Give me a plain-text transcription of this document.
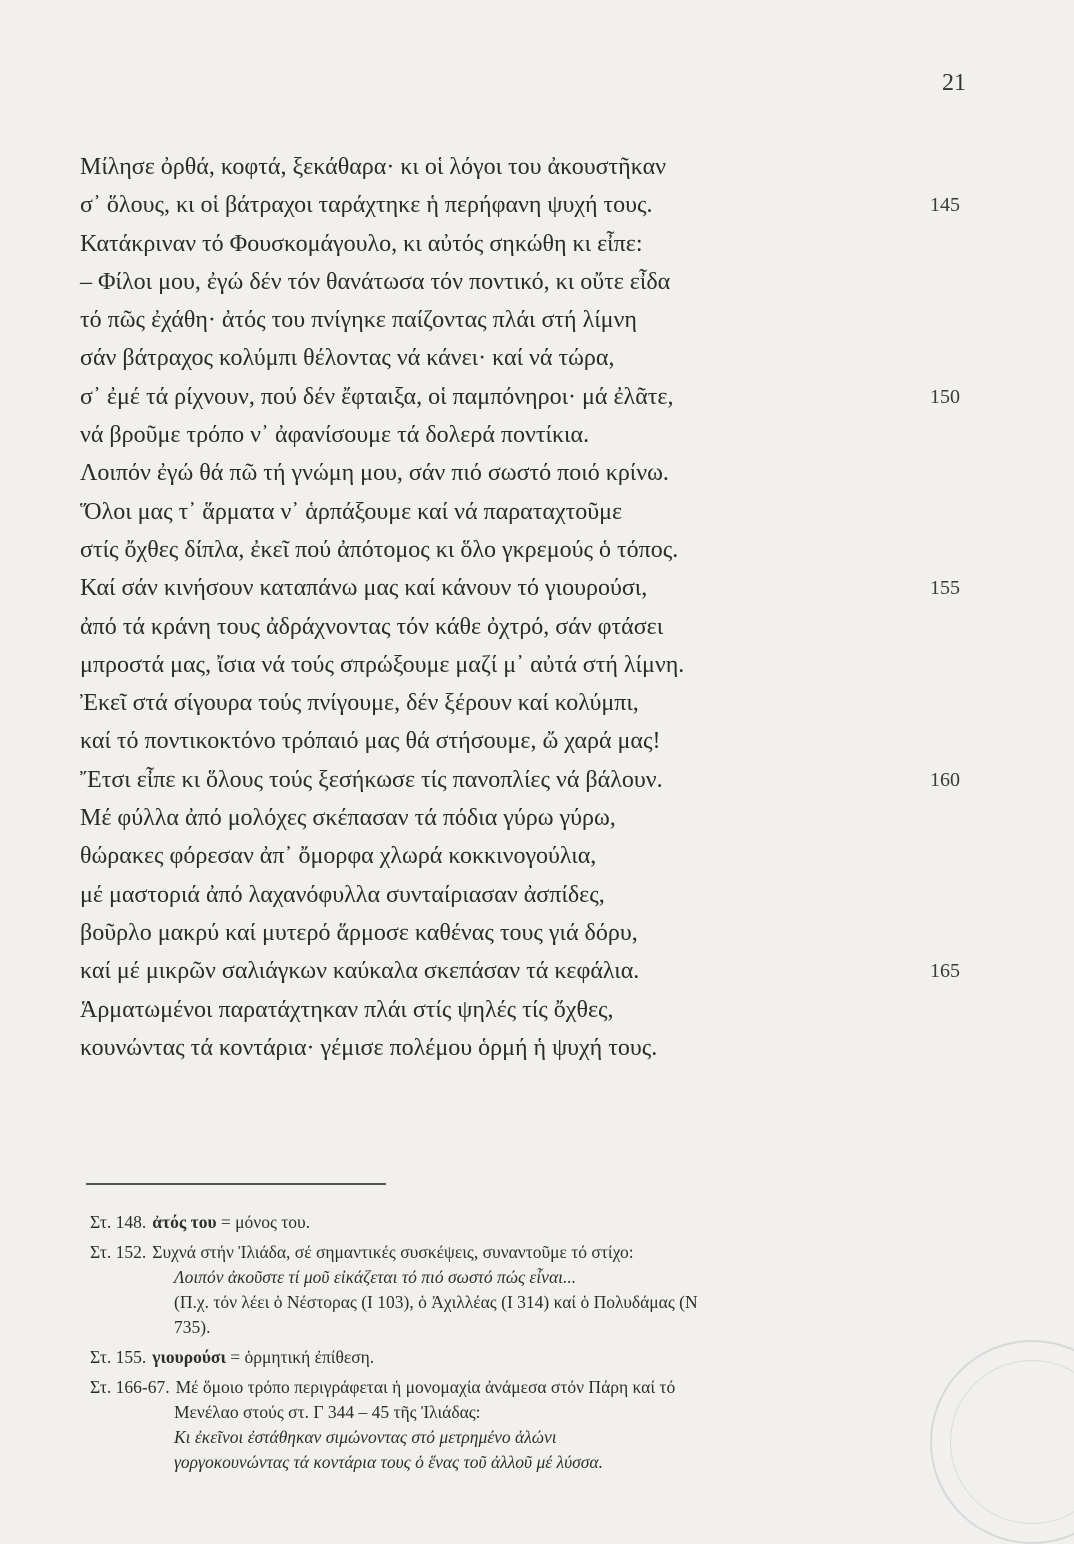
21
Μίλησε ὀρθά, κοφτά, ξεκάθαρα· κι οἱ λόγοι του ἀκουστῆκαν
σ᾽ ὅλους, κι οἱ βάτραχοι ταράχτηκε ἡ περήφανη ψυχή τους.	145
Κατάκριναν τό Φουσκομάγουλο, κι αὐτός σηκώθη κι εἶπε:
– Φίλοι μου, ἐγώ δέν τόν θανάτωσα τόν ποντικό, κι οὔτε εἶδα
τό πῶς ἐχάθη· ἀτός του πνίγηκε παίζοντας πλάι στή λίμνη
σάν βάτραχος κολύμπι θέλοντας νά κάνει· καί νά τώρα,
σ᾽ ἐμέ τά ρίχνουν, πού δέν ἔφταιξα, οἱ παμπόνηροι· μά ἐλᾶτε,	150
νά βροῦμε τρόπο ν᾽ ἀφανίσουμε τά δολερά ποντίκια.
Λοιπόν ἐγώ θά πῶ τή γνώμη μου, σάν πιό σωστό ποιό κρίνω.
Ὅλοι μας τ᾽ ἅρματα ν᾽ ἁρπάξουμε καί νά παραταχτοῦμε
στίς ὄχθες δίπλα, ἐκεῖ πού ἀπότομος κι ὅλο γκρεμούς ὁ τόπος.
Καί σάν κινήσουν καταπάνω μας καί κάνουν τό γιουρούσι,	155
ἀπό τά κράνη τους ἀδράχνοντας τόν κάθε ὀχτρό, σάν φτάσει
μπροστά μας, ἴσια νά τούς σπρώξουμε μαζί μ᾽ αὐτά στή λίμνη.
Ἐκεῖ στά σίγουρα τούς πνίγουμε, δέν ξέρουν καί κολύμπι,
καί τό ποντικοκτόνο τρόπαιό μας θά στήσουμε, ὤ χαρά μας!
Ἔτσι εἶπε κι ὅλους τούς ξεσήκωσε τίς πανοπλίες νά βάλουν.	160
Μέ φύλλα ἀπό μολόχες σκέπασαν τά πόδια γύρω γύρω,
θώρακες φόρεσαν ἀπ᾽ ὄμορφα χλωρά κοκκινογούλια,
μέ μαστοριά ἀπό λαχανόφυλλα συνταίριασαν ἀσπίδες,
βοῦρλο μακρύ καί μυτερό ἅρμοσε καθένας τους γιά δόρυ,
καί μέ μικρῶν σαλιάγκων καύκαλα σκεπάσαν τά κεφάλια.	165
Ἁρματωμένοι παρατάχτηκαν πλάι στίς ψηλές τίς ὄχθες,
κουνώντας τά κοντάρια· γέμισε πολέμου ὁρμή ἡ ψυχή τους.
Στ. 148. ἀτός του = μόνος του.
Στ. 152. Συχνά στήν Ἰλιάδα, σέ σημαντικές συσκέψεις, συναντοῦμε τό στίχο:
Λοιπόν ἀκοῦστε τί μοῦ εἰκάζεται τό πιό σωστό πώς εἶναι...
(Π.χ. τόν λέει ὁ Νέστορας (Ι 103), ὁ Ἀχιλλέας (Ι 314) καί ὁ Πολυδάμας (Ν
735).
Στ. 155. γιουρούσι = ὁρμητική ἐπίθεση.
Στ. 166-67. Μέ ὅμοιο τρόπο περιγράφεται ἡ μονομαχία ἀνάμεσα στόν Πάρη καί τό
Μενέλαο στούς στ. Γ 344 – 45 τῆς Ἰλιάδας:
Κι ἐκεῖνοι ἐστάθηκαν σιμώνοντας στό μετρημένο ἁλώνι
γοργοκουνώντας τά κοντάρια τους ὁ ἕνας τοῦ ἀλλοῦ μέ λύσσα.
